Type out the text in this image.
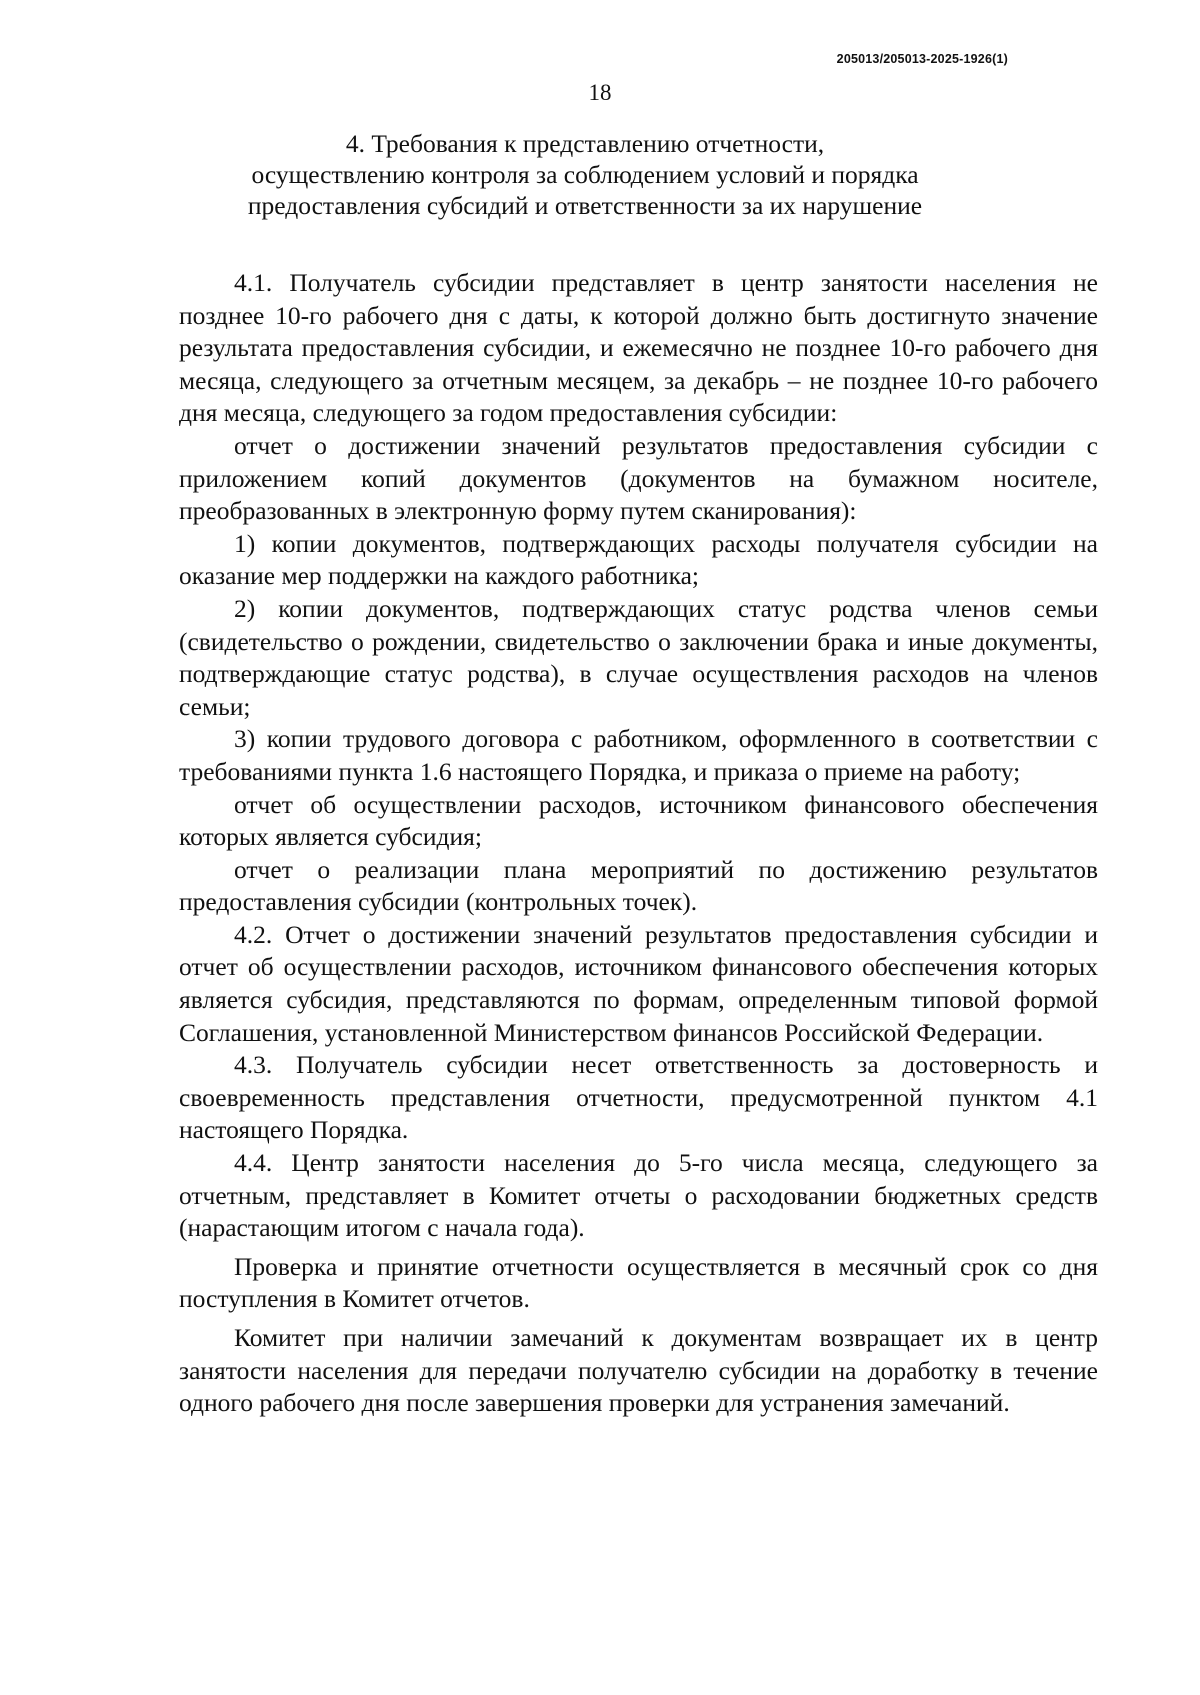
205013/205013-2025-1926(1)
18
4. Требования к представлению отчетности,
осуществлению контроля за соблюдением условий и порядка
предоставления субсидий и ответственности за их нарушение

4.1. Получатель субсидии представляет в центр занятости населения не позднее 10-го рабочего дня с даты, к которой должно быть достигнуто значение результата предоставления субсидии, и ежемесячно не позднее 10-го рабочего дня месяца, следующего за отчетным месяцем, за декабрь – не позднее 10-го рабочего дня месяца, следующего за годом предоставления субсидии:

отчет о достижении значений результатов предоставления субсидии с приложением копий документов (документов на бумажном носителе, преобразованных в электронную форму путем сканирования):

1) копии документов, подтверждающих расходы получателя субсидии на оказание мер поддержки на каждого работника;

2) копии документов, подтверждающих статус родства членов семьи (свидетельство о рождении, свидетельство о заключении брака и иные документы, подтверждающие статус родства), в случае осуществления расходов на членов семьи;

3) копии трудового договора с работником, оформленного в соответствии с требованиями пункта 1.6 настоящего Порядка, и приказа о приеме на работу;

отчет об осуществлении расходов, источником финансового обеспечения которых является субсидия;

отчет о реализации плана мероприятий по достижению результатов предоставления субсидии (контрольных точек).

4.2. Отчет о достижении значений результатов предоставления субсидии и отчет об осуществлении расходов, источником финансового обеспечения которых является субсидия, представляются по формам, определенным типовой формой Соглашения, установленной Министерством финансов Российской Федерации.

4.3. Получатель субсидии несет ответственность за достоверность и своевременность представления отчетности, предусмотренной пунктом 4.1 настоящего Порядка.

4.4. Центр занятости населения до 5-го числа месяца, следующего за отчетным, представляет в Комитет отчеты о расходовании бюджетных средств (нарастающим итогом с начала года).

Проверка и принятие отчетности осуществляется в месячный срок со дня поступления в Комитет отчетов.

Комитет при наличии замечаний к документам возвращает их в центр занятости населения для передачи получателю субсидии на доработку в течение одного рабочего дня после завершения проверки для устранения замечаний.
